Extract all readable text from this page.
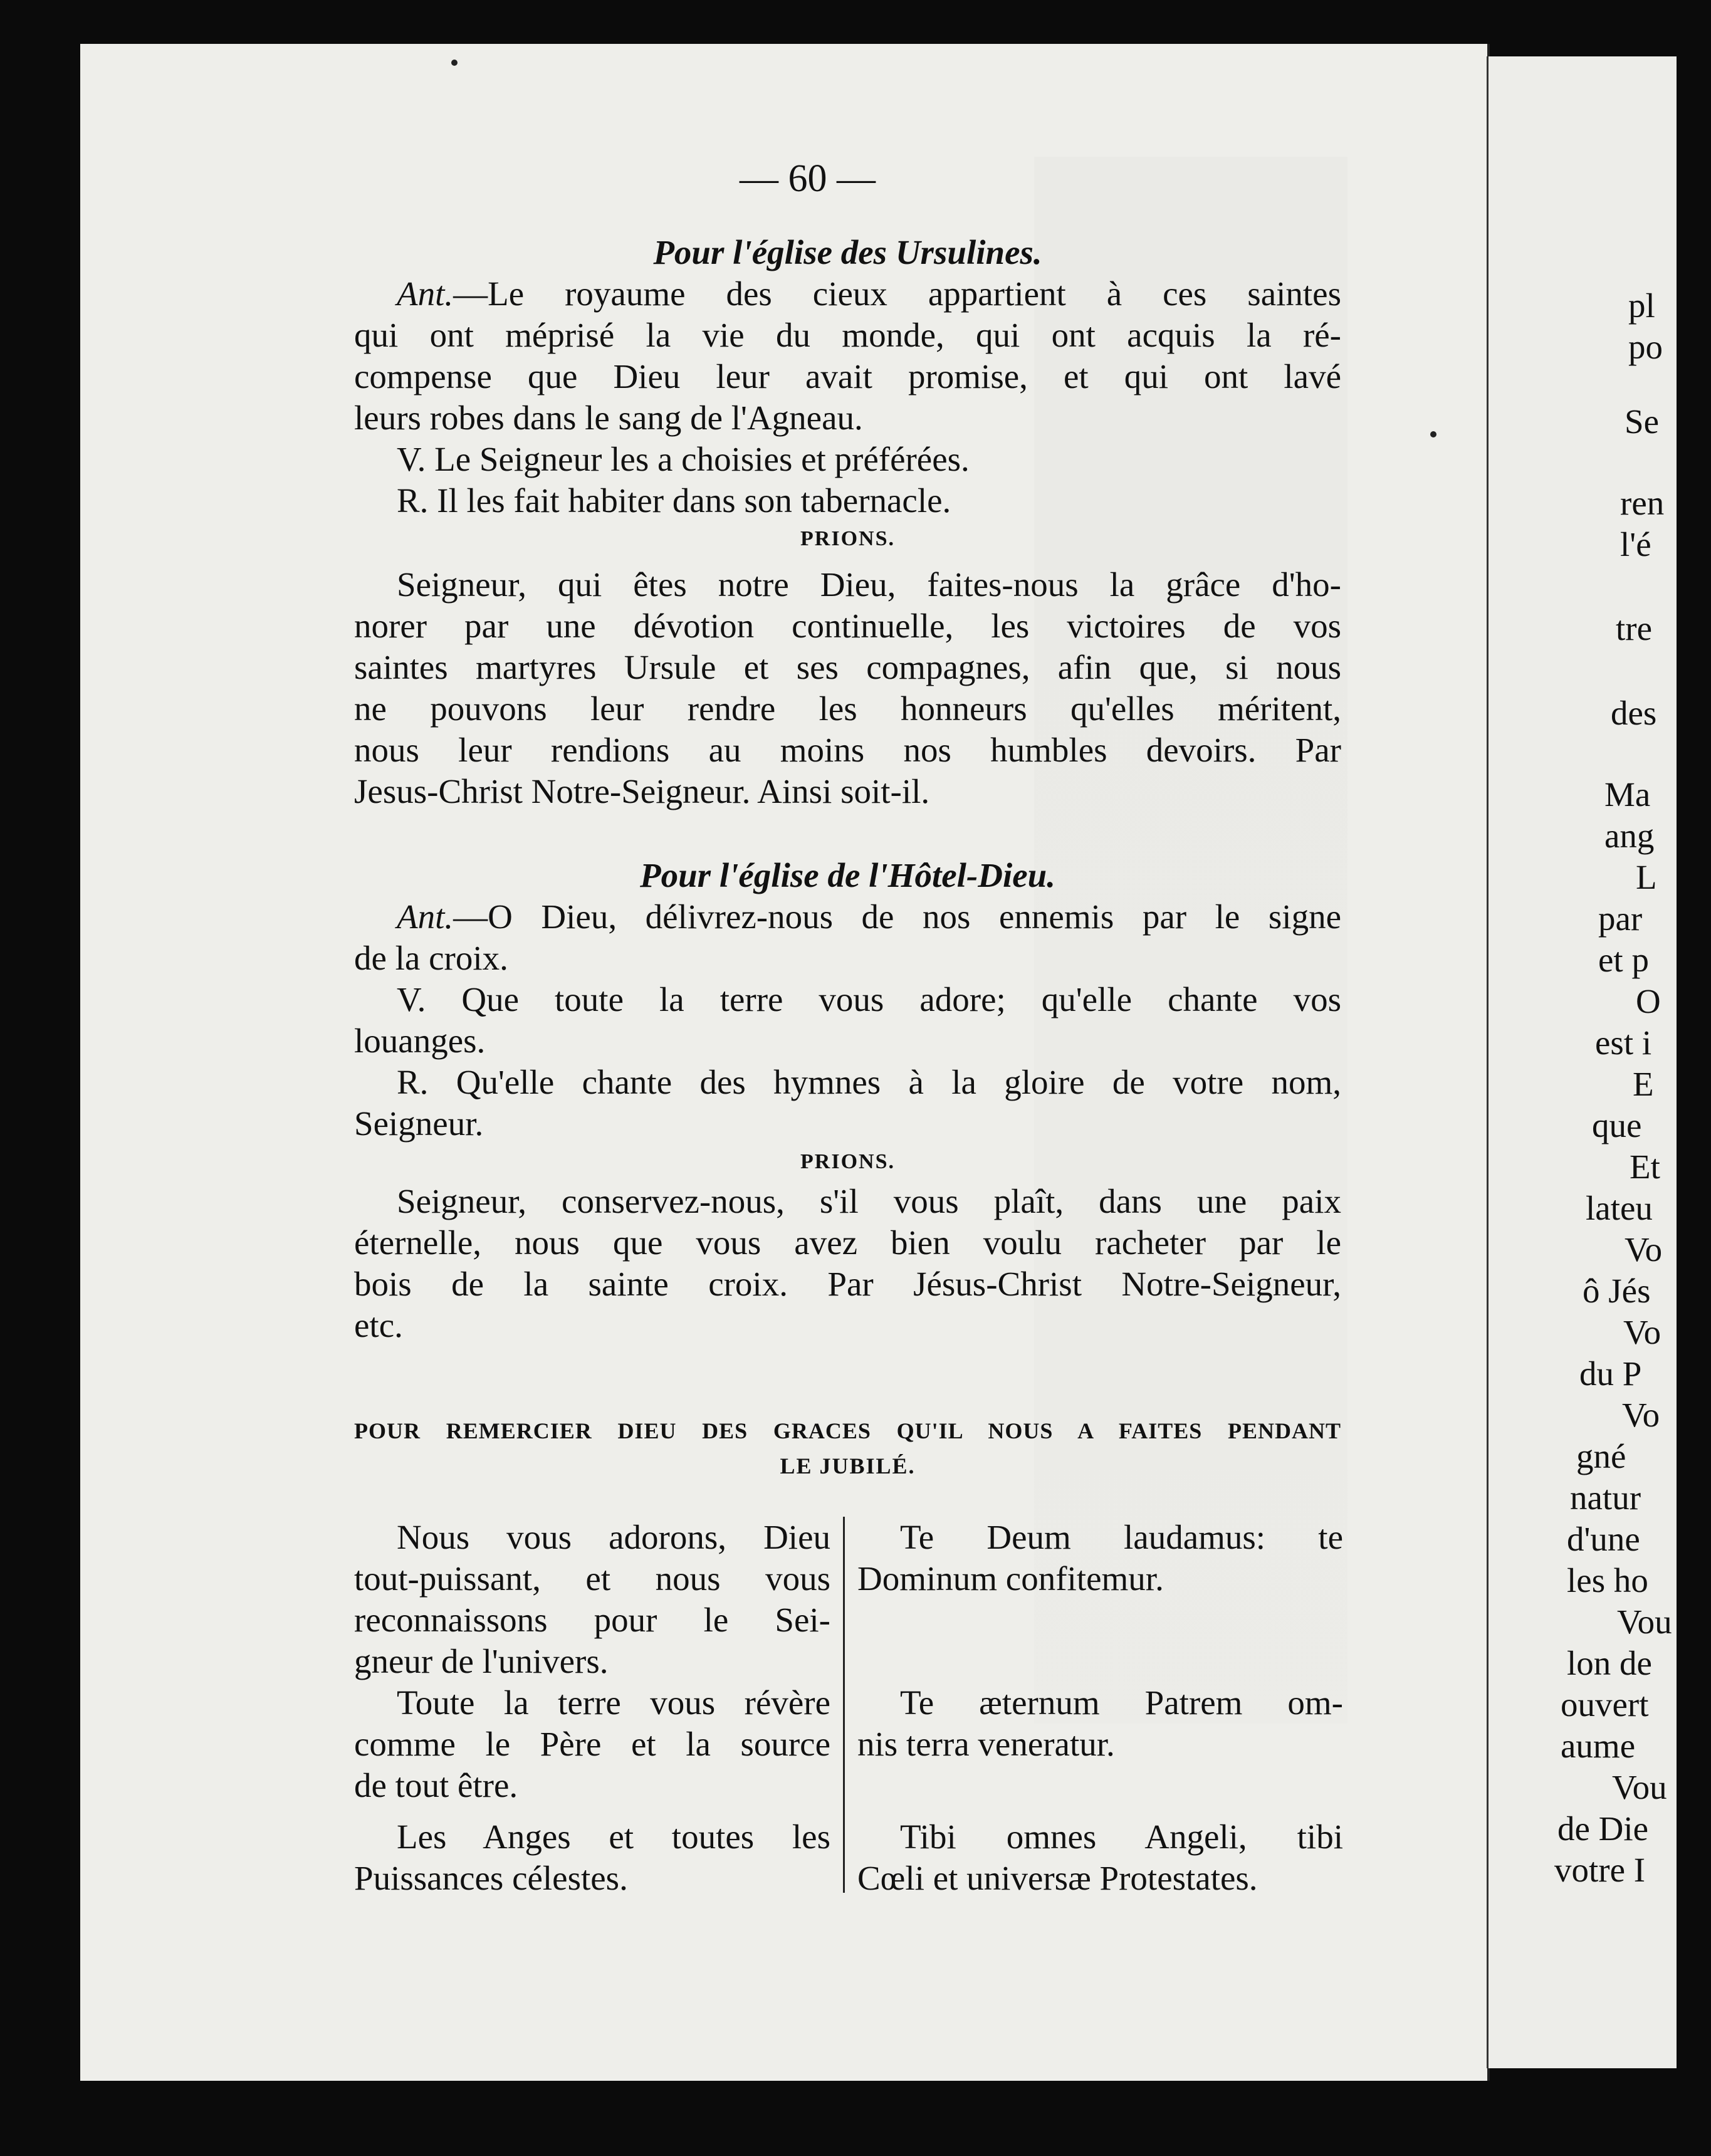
— 60 —
Pour l'église des Ursulines.
Ant.—Le royaume des cieux appartient à ces saintes
qui ont méprisé la vie du monde, qui ont acquis la ré-
compense que Dieu leur avait promise, et qui ont lavé
leurs robes dans le sang de l'Agneau.
V. Le Seigneur les a choisies et préférées.
R. Il les fait habiter dans son tabernacle.
PRIONS.
Seigneur, qui êtes notre Dieu, faites-nous la grâce d'ho-
norer par une dévotion continuelle, les victoires de vos
saintes martyres Ursule et ses compagnes, afin que, si nous
ne pouvons leur rendre les honneurs qu'elles méritent,
nous leur rendions au moins nos humbles devoirs. Par
Jesus-Christ Notre-Seigneur. Ainsi soit-il.
Pour l'église de l'Hôtel-Dieu.
Ant.—O Dieu, délivrez-nous de nos ennemis par le signe
de la croix.
V. Que toute la terre vous adore; qu'elle chante vos
louanges.
R. Qu'elle chante des hymnes à la gloire de votre nom,
Seigneur.
PRIONS.
Seigneur, conservez-nous, s'il vous plaît, dans une paix
éternelle, nous que vous avez bien voulu racheter par le
bois de la sainte croix. Par Jésus-Christ Notre-Seigneur,
etc.
POUR REMERCIER DIEU DES GRACES QU'IL NOUS A FAITES PENDANT
LE JUBILÉ.
Nous vous adorons, Dieu
tout-puissant, et nous vous
reconnaissons pour le Sei-
gneur de l'univers.
Toute la terre vous révère
comme le Père et la source
de tout être.
Les Anges et toutes les
Puissances célestes.
Te Deum laudamus: te
Dominum confitemur.
Te æternum Patrem om-
nis terra veneratur.
Tibi omnes Angeli, tibi
Cœli et universæ Protestates.
pl
po
Se
ren
l'é
tre
des
Ma
ang
L
par
et p
O
est i
E
que
Et
lateu
Vo
ô Jés
Vo
du P
Vo
gné
natur
d'une
les ho
Vou
lon de
ouvert
aume
Vou
de Die
votre I
